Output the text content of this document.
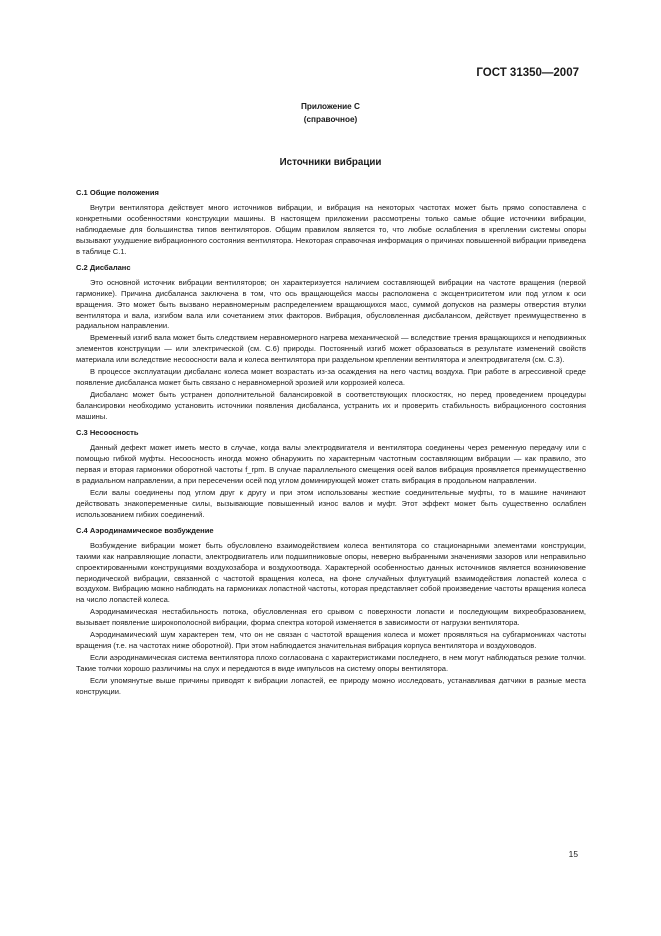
ГОСТ 31350—2007
Приложение С
(справочное)
Источники вибрации
С.1 Общие положения

Внутри вентилятора действует много источников вибрации, и вибрация на некоторых частотах может быть прямо сопоставлена с конкретными особенностями конструкции машины. В настоящем приложении рассмотрены только самые общие источники вибрации, наблюдаемые для большинства типов вентиляторов. Общим правилом является то, что любые ослабления в креплении системы опоры вызывают ухудшение вибрационного состояния вентилятора. Некоторая справочная информация о причинах повышенной вибрации приведена в таблице С.1.

С.2 Дисбаланс

Это основной источник вибрации вентиляторов; он характеризуется наличием составляющей вибрации на частоте вращения (первой гармонике). Причина дисбаланса заключена в том, что ось вращающейся массы расположена с эксцентриситетом или под углом к оси вращения. Это может быть вызвано неравномерным распределением вращающихся масс, суммой допусков на размеры отверстия втулки вентилятора и вала, изгибом вала или сочетанием этих факторов. Вибрация, обусловленная дисбалансом, действует преимущественно в радиальном направлении.

Временный изгиб вала может быть следствием неравномерного нагрева механической — вследствие трения вращающихся и неподвижных элементов конструкции — или электрической (см. С.6) природы. Постоянный изгиб может образоваться в результате изменений свойств материала или вследствие несоосности вала и колеса вентилятора при раздельном креплении вентилятора и электродвигателя (см. С.3).

В процессе эксплуатации дисбаланс колеса может возрастать из-за осаждения на него частиц воздуха. При работе в агрессивной среде появление дисбаланса может быть связано с неравномерной эрозией или коррозией колеса.

Дисбаланс может быть устранен дополнительной балансировкой в соответствующих плоскостях, но перед проведением процедуры балансировки необходимо установить источники появления дисбаланса, устранить их и проверить стабильность вибрационного состояния машины.

С.3 Несоосность

Данный дефект может иметь место в случае, когда валы электродвигателя и вентилятора соединены через ременную передачу или с помощью гибкой муфты. Несоосность иногда можно обнаружить по характерным частотным составляющим вибрации — как правило, это первая и вторая гармоники оборотной частоты f_rpm. В случае параллельного смещения осей валов вибрация проявляется преимущественно в радиальном направлении, а при пересечении осей под углом доминирующей может стать вибрация в продольном направлении.

Если валы соединены под углом друг к другу и при этом использованы жесткие соединительные муфты, то в машине начинают действовать знакопеременные силы, вызывающие повышенный износ валов и муфт. Этот эффект может быть существенно ослаблен использованием гибких соединений.

С.4 Аэродинамическое возбуждение

Возбуждение вибрации может быть обусловлено взаимодействием колеса вентилятора со стационарными элементами конструкции, такими как направляющие лопасти, электродвигатель или подшипниковые опоры, неверно выбранными значениями зазоров или неправильно спроектированными конструкциями воздухозабора и воздухоотвода. Характерной особенностью данных источников является возникновение периодической вибрации, связанной с частотой вращения колеса, на фоне случайных флуктуаций взаимодействия лопастей колеса с воздухом. Вибрацию можно наблюдать на гармониках лопастной частоты, которая представляет собой произведение частоты вращения колеса на число лопастей колеса.

Аэродинамическая нестабильность потока, обусловленная его срывом с поверхности лопасти и последующим вихреобразованием, вызывает появление широкополосной вибрации, форма спектра которой изменяется в зависимости от нагрузки вентилятора.

Аэродинамический шум характерен тем, что он не связан с частотой вращения колеса и может проявляться на субгармониках частоты вращения (т.е. на частотах ниже оборотной). При этом наблюдается значительная вибрация корпуса вентилятора и воздуховодов.

Если аэродинамическая система вентилятора плохо согласована с характеристиками последнего, в нем могут наблюдаться резкие толчки. Такие толчки хорошо различимы на слух и передаются в виде импульсов на систему опоры вентилятора.

Если упомянутые выше причины приводят к вибрации лопастей, ее природу можно исследовать, устанавливая датчики в разные места конструкции.

15
